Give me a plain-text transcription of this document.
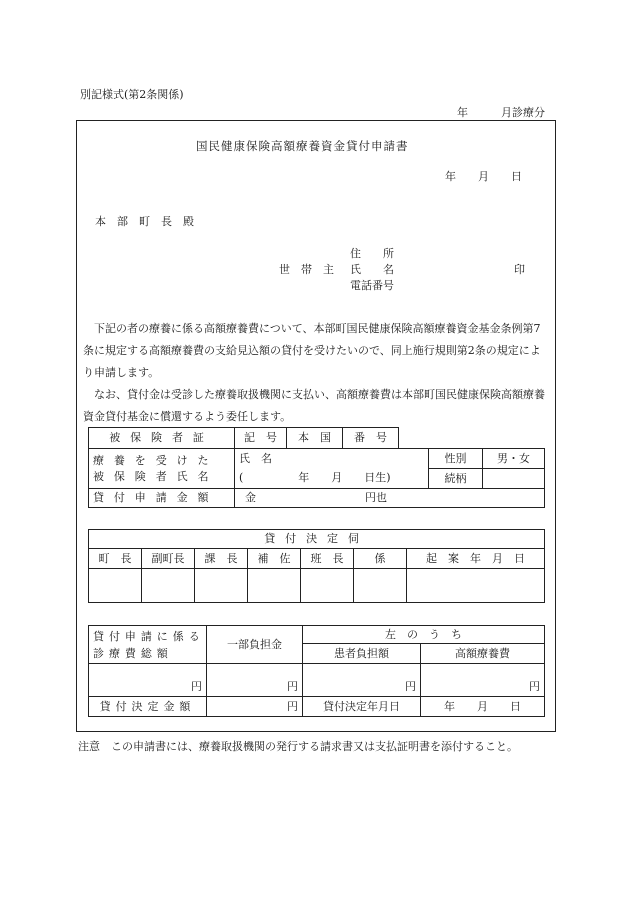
別記様式(第2条関係)
年　　　月診療分
国民健康保険高額療養資金貸付申請書
年　　月　　日
本　部　町　長　殿
住　　所
世　帯　主 氏　　名	印
電話番号
下記の者の療養に係る高額療養費について、本部町国民健康保険高額療養資金基金条例第7条に規定する高額療養費の支給見込額の貸付を受けたいので、同上施行規則第2条の規定により申請します。
なお、貸付金は受診した療養取扱機関に支払い、高額療養費は本部町国民健康保険高額療養資金貸付基金に償還するよう委任します。
被保険者証	記　号	本　国	番　号			

療養を受けた
被保険者氏名	氏　名				性別	男・女
	(　　　　　年　　月　　日生)				続柄	
貸付申請金額	金 円也					
貸付決定伺						
町　長	副町長	課　長	補　佐	班　長	係	起　案　年　月　日

貸付申請に係る
診療費総額	一部負担金	左　の　う　ち	
		患者負担額	高額療養費
円	円	円	円
貸付決定金額	円	貸付決定年月日	年　　月　　日
注意　この申請書には、療養取扱機関の発行する請求書又は支払証明書を添付すること。
